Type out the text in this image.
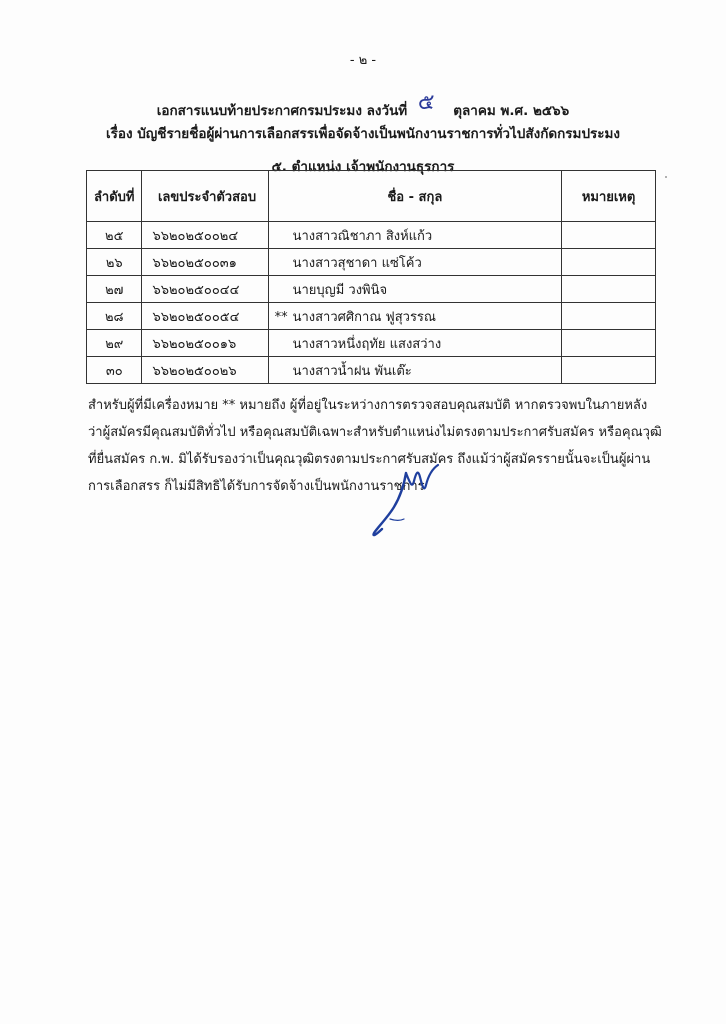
- ๒ -
เอกสารแนบท้ายประกาศกรมประมง ลงวันที่ ๕ ตุลาคม พ.ศ. ๒๕๖๖
เรื่อง บัญชีรายชื่อผู้ผ่านการเลือกสรรเพื่อจัดจ้างเป็นพนักงานราชการทั่วไปสังกัดกรมประมง
๕. ตำแหน่ง เจ้าพนักงานธุรการ
ลำดับที่	เลขประจำตัวสอบ	ชื่อ - สกุล	หมายเหตุ
๒๕	๖๖๒๐๒๕๐๐๒๔	นางสาวณิชาภา สิงห์แก้ว	
๒๖	๖๖๒๐๒๕๐๐๓๑	นางสาวสุชาดา แซ่โค้ว	
๒๗	๖๖๒๐๒๕๐๐๔๔	นายบุญมี วงพินิจ	
๒๘	๖๖๒๐๒๕๐๐๕๔	** นางสาวศศิกาณ ฟูสุวรรณ	
๒๙	๖๖๒๐๒๕๐๐๑๖	นางสาวหนึ่งฤทัย แสงสว่าง	
๓๐	๖๖๒๐๒๕๐๐๒๖	นางสาวน้ำฝน พันเต๊ะ	

สำหรับผู้ที่มีเครื่องหมาย ** หมายถึง ผู้ที่อยู่ในระหว่างการตรวจสอบคุณสมบัติ หากตรวจพบในภายหลัง

ว่าผู้สมัครมีคุณสมบัติทั่วไป หรือคุณสมบัติเฉพาะสำหรับตำแหน่งไม่ตรงตามประกาศรับสมัคร หรือคุณวุฒิ

ที่ยื่นสมัคร ก.พ. มิได้รับรองว่าเป็นคุณวุฒิตรงตามประกาศรับสมัคร ถึงแม้ว่าผู้สมัครรายนั้นจะเป็นผู้ผ่าน

การเลือกสรร ก็ไม่มีสิทธิได้รับการจัดจ้างเป็นพนักงานราชการ
